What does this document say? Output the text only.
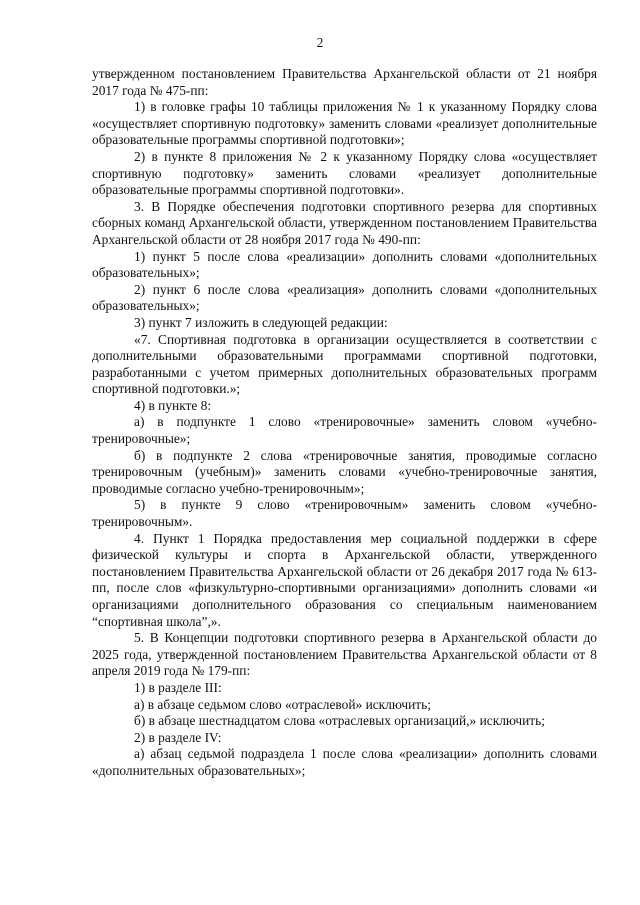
2

утвержденном постановлением Правительства Архангельской области от 21 ноября 2017 года № 475-пп:

1) в головке графы 10 таблицы приложения № 1 к указанному Порядку слова «осуществляет спортивную подготовку» заменить словами «реализует дополнительные образовательные программы спортивной подготовки»;

2) в пункте 8 приложения № 2 к указанному Порядку слова «осуществляет спортивную подготовку» заменить словами «реализует дополнительные образовательные программы спортивной подготовки».

3. В Порядке обеспечения подготовки спортивного резерва для спортивных сборных команд Архангельской области, утвержденном постановлением Правительства Архангельской области от 28 ноября 2017 года № 490-пп:

1) пункт 5 после слова «реализации» дополнить словами «дополнительных образовательных»;

2) пункт 6 после слова «реализация» дополнить словами «дополнительных образовательных»;

3) пункт 7 изложить в следующей редакции:

«7. Спортивная подготовка в организации осуществляется в соответствии с дополнительными образовательными программами спортивной подготовки, разработанными с учетом примерных дополнительных образовательных программ спортивной подготовки.»;

4) в пункте 8:

а) в подпункте 1 слово «тренировочные» заменить словом «учебно-тренировочные»;

б) в подпункте 2 слова «тренировочные занятия, проводимые согласно тренировочным (учебным)» заменить словами «учебно-тренировочные занятия, проводимые согласно учебно-тренировочным»;

5) в пункте 9 слово «тренировочным» заменить словом «учебно-тренировочным».

4. Пункт 1 Порядка предоставления мер социальной поддержки в сфере физической культуры и спорта в Архангельской области, утвержденного постановлением Правительства Архангельской области от 26 декабря 2017 года № 613-пп, после слов «физкультурно-спортивными организациями» дополнить словами «и организациями дополнительного образования со специальным наименованием “спортивная школа”,».

5. В Концепции подготовки спортивного резерва в Архангельской области до 2025 года, утвержденной постановлением Правительства Архангельской области от 8 апреля 2019 года № 179-пп:

1) в разделе III:

а) в абзаце седьмом слово «отраслевой» исключить;

б) в абзаце шестнадцатом слова «отраслевых организаций,» исключить;

2) в разделе IV:

а) абзац седьмой подраздела 1 после слова «реализации» дополнить словами «дополнительных образовательных»;
